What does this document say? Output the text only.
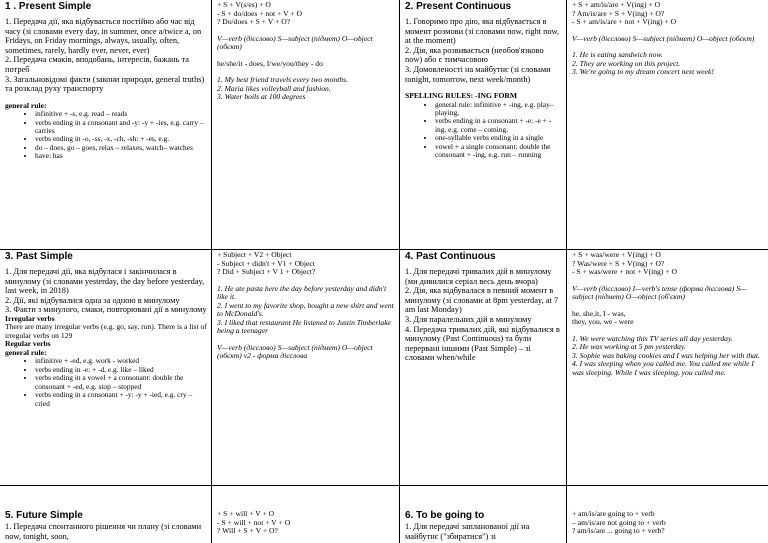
1 . Present Simple

1. Передача дії, яка відбувається постійно або час від часу (зі словами every day, in summer, once a/twice a, on Fridays, on Friday mornings, always, usually, often, sometimes, rarely, hardly ever, never, ever)

2. Передача смаків, вподобань, інтересів, бажань та потреб

3. Загальновідомі факти (закони природи, general truths) та розклад руху транспорту

general rule:

• infinitive + -s, e.g. read – reads
• verbs ending in a consonant and -y: -y + -ies, e.g. carry – carries
• verbs ending in -o, -ss, -x, -ch, -sh: + -es, e.g.
• do – does, go – goes, relax – relaxes, watch– watches
• have: has

+ S + V(s/es) + O

- S + do/does + not + V + O

? Do/does + S + V + O?

V—verb (дієслово) S—subject (підмет) O—object (обєкт)

he/she/it - does, I/we/you/they - do

1. My best friend travels every two months.

2. Maria likes volleyball and fashion.

3. Water boils at 100 degrees

2. Present Continuous

1. Говоримо про дію, яка відбувається в момент розмови (зі словами now, right now, at the moment)

2. Дія, яка розвивається (необов'язково now) або є тимчасовою

3. Домовленості на майбутнє (зі словами tonight, tomorrow, next week/month)

SPELLING RULES: -ING FORM

• general rule: infinitive + -ing, e.g. play– playing,
• verbs ending in a consonant + -e: -e + -ing, e.g. come – coming,
• one-syllable verbs ending in a single
• vowel + a single consonant: double the consonant + -ing, e.g. run – running

+ S + am/is/are + V(ing) + O

? Am/is/are + S + V(ing) + O?

- S + am/is/are + not + V(ing) + O

V—verb (дієслово) S—subject (підмет) O—object (обєкт)

1. He is eating sandwich now.

2. They are working on this project.

3. We're going to my dream concert next week!

3. Past Simple

1. Для передачі дії, яка відбулася і закінчилася в минулому (зі словами yesterday, the day before yesterday, last week, in 2018)

2. Дії, які відбувалися одна за одною в минулому

3. Факти з минулого, смаки, повторювані дії в минулому

Irregular verbs

There are many irregular verbs (e.g. go, say, run). There is a list of irregular verbs on 129

Regular verbs

general rule:

• infinitive + -ed, e.g. work - worked
• verbs ending in -e: + -d, e.g. like – liked
• verbs ending in a vowel + a consonant: double the consonant + -ed, e.g. stop – stopped
• verbs ending in a consonant + -y: -y + -ied, e.g. cry – cried

+ Subject + V2 + Object

- Subject + didn't + V1 + Object

? Did + Subject + V 1 + Object?

1. He ate pasta here the day before yesterday and didn't like it.

2. I went to my favorite shop, bought a new shirt and went to McDonald's.

3. I liked that restaurant He listened to Justin Timberlake being a teenager

V—verb (дієслово) S—subject (підмет) O—object (обєкт) v2 - форма дієслова

4. Past Continuous

1. Для передачі тривалих дій в минулому (ми дивилися серіал весь день вчора)

2. Дія, яка відбувалася в певний момент в минулому (зі словами at 8pm yesterday, at 7 am last Monday)

3. Для паралельних дій в минулому

4. Передача тривалих дій, які відбувалися в минулому (Past Continuous) та були перервані іншими (Past Simple) – зі словами when/while

+ S + was/were + V(ing) + O

? Was/were + S + V(ing) + O?

- S + was/were + not + V(ing) + O

V—verb (дієслово) I—verb's tense (форма дієслова) S—subject (підмет) O—object (об'єкт)

he, she,it, I - was,

they, you, we - were

1. We were watching this TV series all day yesterday.

2. He was working at 5 pm yesterday.

3. Sophie was baking cookies and I was helping her with that.

4. I was sleeping when you called me. You called me while I was sleeping. While I was sleeping, you called me.

5. Future Simple

1. Передача спонтанного рішення чи плану (зі словами now, tonight, soon,

+ S + will + V + O

- S + will + not + V + O

? Will + S + V + O?

6. To be going to

1. Для передачі запланованої дії на майбутнє ("збиратися") зі

+ am/is/are going to + verb

– am/is/are not going to + verb

? am/is/are ... going to + verb?
